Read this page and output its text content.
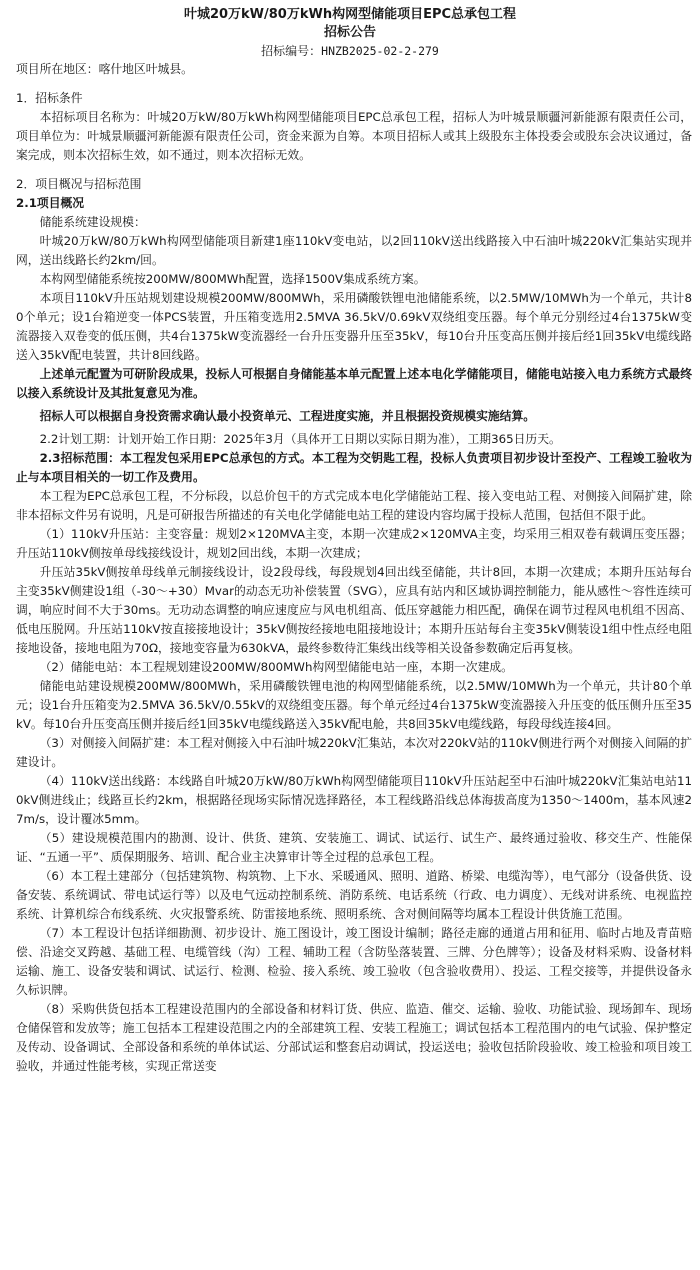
叶城20万kW/80万kWh构网型储能项目EPC总承包工程
招标公告
招标编号：HNZB2025-02-2-279
项目所在地区：喀什地区叶城县。
1．招标条件
本招标项目名称为：叶城20万kW/80万kWh构网型储能项目EPC总承包工程，招标人为叶城景顺疆河新能源有限责任公司，项目单位为：叶城景顺疆河新能源有限责任公司，资金来源为自筹。本项目招标人或其上级股东主体投委会或股东会决议通过，备案完成，则本次招标生效，如不通过，则本次招标无效。
2．项目概况与招标范围
2.1项目概况
储能系统建设规模：
叶城20万kW/80万kWh构网型储能项目新建1座110kV变电站，以2回110kV送出线路接入中石油叶城220kV汇集站实现并网，送出线路长约2km/回。
本构网型储能系统按200MW/800MWh配置，选择1500V集成系统方案。
本项目110kV升压站规划建设规模200MW/800MWh，采用磷酸铁锂电池储能系统，以2.5MW/10MWh为一个单元，共计80个单元；设1台箱逆变一体PCS装置，升压箱变选用2.5MVA 36.5kV/0.69kV双绕组变压器。每个单元分别经过4台1375kW变流器接入双卷变的低压侧，共4台1375kW变流器经一台升压变器升压至35kV，每10台升压变高压侧并接后经1回35kV电缆线路送入35kV配电装置，共计8回线路。
上述单元配置为可研阶段成果，投标人可根据自身储能基本单元配置上述本电化学储能项目，储能电站接入电力系统方式最终以接入系统设计及其批复意见为准。
招标人可以根据自身投资需求确认最小投资单元、工程进度实施，并且根据投资规模实施结算。
2.2计划工期：计划开始工作日期：2025年3月（具体开工日期以实际日期为准），工期365日历天。
2.3招标范围：本工程发包采用EPC总承包的方式。本工程为交钥匙工程，投标人负责项目初步设计至投产、工程竣工验收为止与本项目相关的一切工作及费用。
本工程为EPC总承包工程，不分标段，以总价包干的方式完成本电化学储能站工程、接入变电站工程、对侧接入间隔扩建，除非本招标文件另有说明，凡是可研报告所描述的有关电化学储能电站工程的建设内容均属于投标人范围，包括但不限于此。
（1）110kV升压站：主变容量：规划2×120MVA主变，本期一次建成2×120MVA主变，均采用三相双卷有载调压变压器；升压站110kV侧按单母线接线设计，规划2回出线，本期一次建成；
升压站35kV侧按单母线单元制接线设计，设2段母线，每段规划4回出线至储能，共计8回，本期一次建成；本期升压站每台主变35kV侧建设1组（-30～+30）Mvar的动态无功补偿装置（SVG），应具有站内和区域协调控制能力，能从感性～容性连续可调，响应时间不大于30ms。无功动态调整的响应速度应与风电机组高、低压穿越能力相匹配，确保在调节过程风电机组不因高、低电压脱网。升压站110kV按直接接地设计；35kV侧按经接地电阻接地设计；本期升压站每台主变35kV侧装设1组中性点经电阻接地设备，接地电阻为70Ω，接地变容量为630kVA，最终参数待汇集线出线等相关设备参数确定后再复核。
（2）储能电站：本工程规划建设200MW/800MWh构网型储能电站一座，本期一次建成。
储能电站建设规模200MW/800MWh，采用磷酸铁锂电池的构网型储能系统，以2.5MW/10MWh为一个单元，共计80个单元；设1台升压箱变为2.5MVA 36.5kV/0.55kV的双绕组变压器。每个单元经过4台1375kW变流器接入升压变的低压侧升压至35kV。每10台升压变高压侧并接后经1回35kV电缆线路送入35kV配电舱，共8回35kV电缆线路，每段母线连接4回。
（3）对侧接入间隔扩建：本工程对侧接入中石油叶城220kV汇集站，本次对220kV站的110kV侧进行两个对侧接入间隔的扩建设计。
（4）110kV送出线路：本线路自叶城20万kW/80万kWh构网型储能项目110kV升压站起至中石油叶城220kV汇集站电站110kV侧进线止；线路亘长约2km，根据路径现场实际情况选择路径，本工程线路沿线总体海拔高度为1350～1400m，基本风速27m/s，设计覆冰5mm。
（5）建设规模范围内的勘测、设计、供货、建筑、安装施工、调试、试运行、试生产、最终通过验收、移交生产、性能保证、“五通一平”、质保期服务、培训、配合业主决算审计等全过程的总承包工程。
（6）本工程土建部分（包括建筑物、构筑物、上下水、采暖通风、照明、道路、桥梁、电缆沟等），电气部分（设备供货、设备安装、系统调试、带电试运行等）以及电气远动控制系统、消防系统、电话系统（行政、电力调度）、无线对讲系统、电视监控系统、计算机综合布线系统、火灾报警系统、防雷接地系统、照明系统、含对侧间隔等均属本工程设计供货施工范围。
（7）本工程设计包括详细勘测、初步设计、施工图设计，竣工图设计编制；路径走廊的通道占用和征用、临时占地及青苗赔偿、沿途交叉跨越、基础工程、电缆管线（沟）工程、辅助工程（含防坠落装置、三牌、分色牌等）；设备及材料采购、设备材料运输、施工、设备安装和调试、试运行、检测、检验、接入系统、竣工验收（包含验收费用）、投运、工程交接等，并提供设备永久标识牌。
（8）采购供货包括本工程建设范围内的全部设备和材料订货、供应、监造、催交、运输、验收、功能试验、现场卸车、现场仓储保管和发放等；施工包括本工程建设范围之内的全部建筑工程、安装工程施工；调试包括本工程范围内的电气试验、保护整定及传动、设备调试、全部设备和系统的单体试运、分部试运和整套启动调试，投运送电；验收包括阶段验收、竣工检验和项目竣工验收，并通过性能考核，实现正常送变
